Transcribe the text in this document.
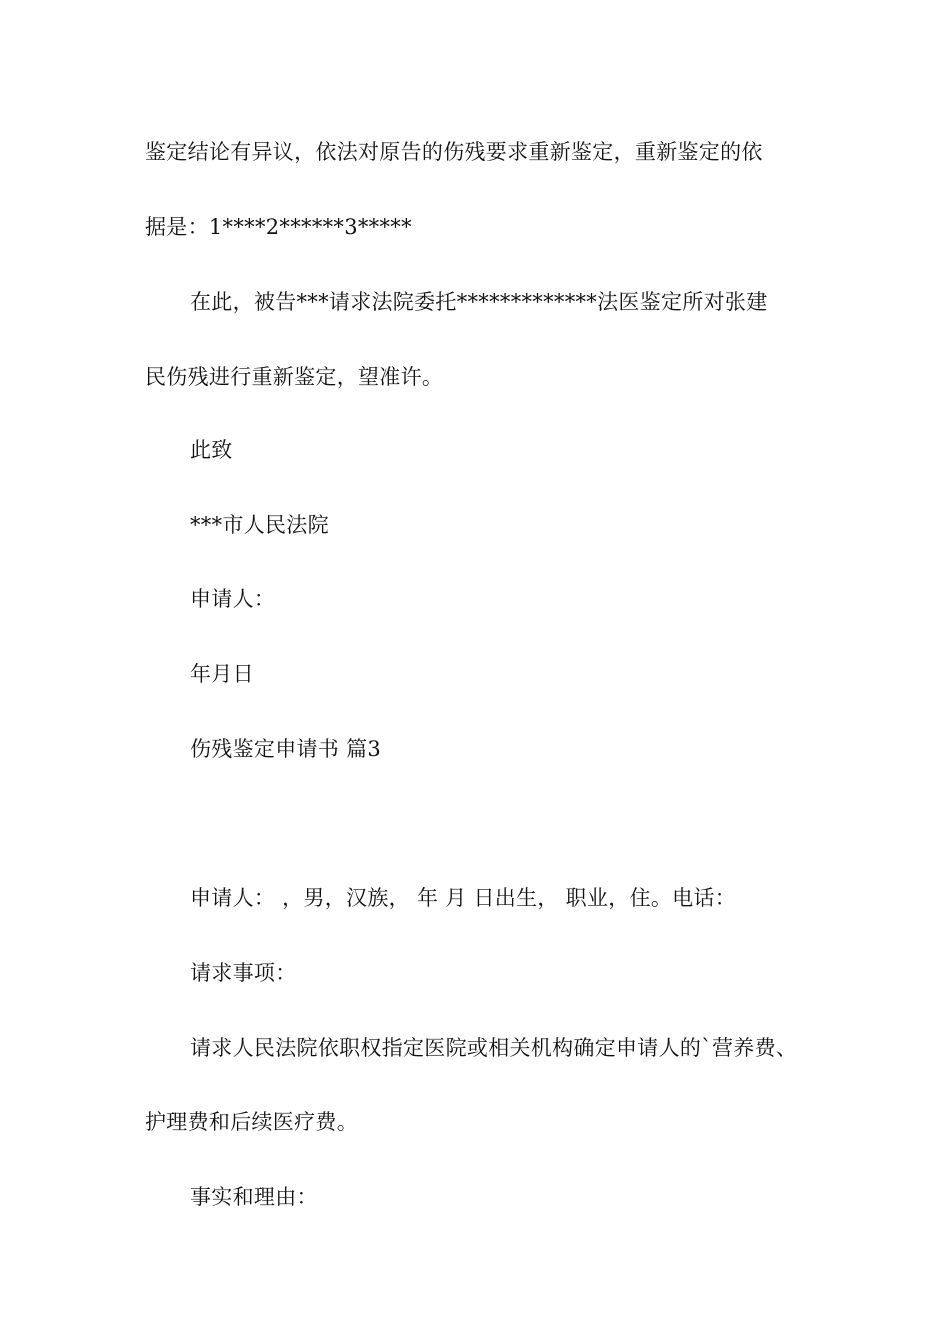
鉴定结论有异议，依法对原告的伤残要求重新鉴定，重新鉴定的依
据是：1****2******3*****
在此，被告***请求法院委托*************法医鉴定所对张建
民伤残进行重新鉴定，望准许。
此致
***市人民法院
申请人：
年月日
伤残鉴定申请书 篇3
申请人： ，男，汉族， 年 月 日出生， 职业，住。电话：
请求事项：
请求人民法院依职权指定医院或相关机构确定申请人的`营养费、
护理费和后续医疗费。
事实和理由：
